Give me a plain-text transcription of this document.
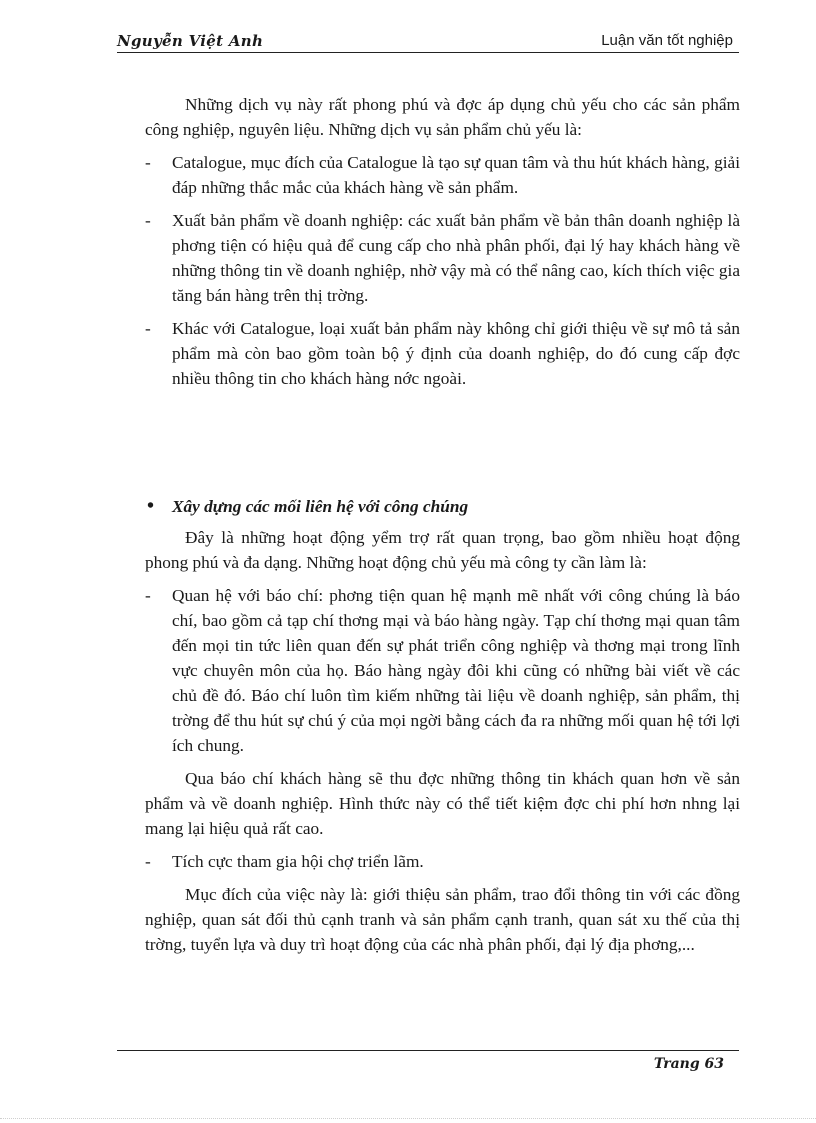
Nguyễn Việt Anh	Luận văn tốt nghiệp

Những dịch vụ này rất phong phú và đợc áp dụng chủ yếu cho các sản phẩm công nghiệp, nguyên liệu. Những dịch vụ sản phẩm chủ yếu là:

-	Catalogue, mục đích của Catalogue là tạo sự quan tâm và thu hút khách hàng, giải đáp những thắc mắc của khách hàng về sản phẩm.

-	Xuất bản phẩm về doanh nghiệp: các xuất bản phẩm về bản thân doanh nghiệp là phơng tiện có hiệu quả để cung cấp cho nhà phân phối, đại lý hay khách hàng về những thông tin về doanh nghiệp, nhờ vậy mà có thể nâng cao, kích thích việc gia tăng bán hàng trên thị trờng.

-	Khác với Catalogue, loại xuất bản phẩm này không chỉ giới thiệu về sự mô tả sản phẩm mà còn bao gồm toàn bộ ý định của doanh nghiệp, do đó cung cấp đợc nhiều thông tin cho khách hàng nớc ngoài.

•	Xây dựng các mối liên hệ với công chúng

Đây là những hoạt động yểm trợ rất quan trọng, bao gồm nhiều hoạt động phong phú và đa dạng. Những hoạt động chủ yếu mà công ty cần làm là:

-	Quan hệ với báo chí: phơng tiện quan hệ mạnh mẽ nhất với công chúng là báo chí, bao gồm cả tạp chí thơng mại và báo hàng ngày. Tạp chí thơng mại quan tâm đến mọi tin tức liên quan đến sự phát triển công nghiệp và thơng mại trong lĩnh vực chuyên môn của họ. Báo hàng ngày đôi khi cũng có những bài viết về các chủ đề đó. Báo chí luôn tìm kiếm những tài liệu về doanh nghiệp, sản phẩm, thị trờng để thu hút sự chú ý của mọi ngời bằng cách đa ra những mối quan hệ tới lợi ích chung.

Qua báo chí khách hàng sẽ thu đợc những thông tin khách quan hơn về sản phẩm và về doanh nghiệp. Hình thức này có thể tiết kiệm đợc chi phí hơn nhng lại mang lại hiệu quả rất cao.

-	Tích cực tham gia hội chợ triển lãm.

Mục đích của việc này là: giới thiệu sản phẩm, trao đổi thông tin với các đồng nghiệp, quan sát đối thủ cạnh tranh và sản phẩm cạnh tranh, quan sát xu thế của thị trờng, tuyển lựa và duy trì hoạt động của các nhà phân phối, đại lý địa phơng,...

Trang 63
